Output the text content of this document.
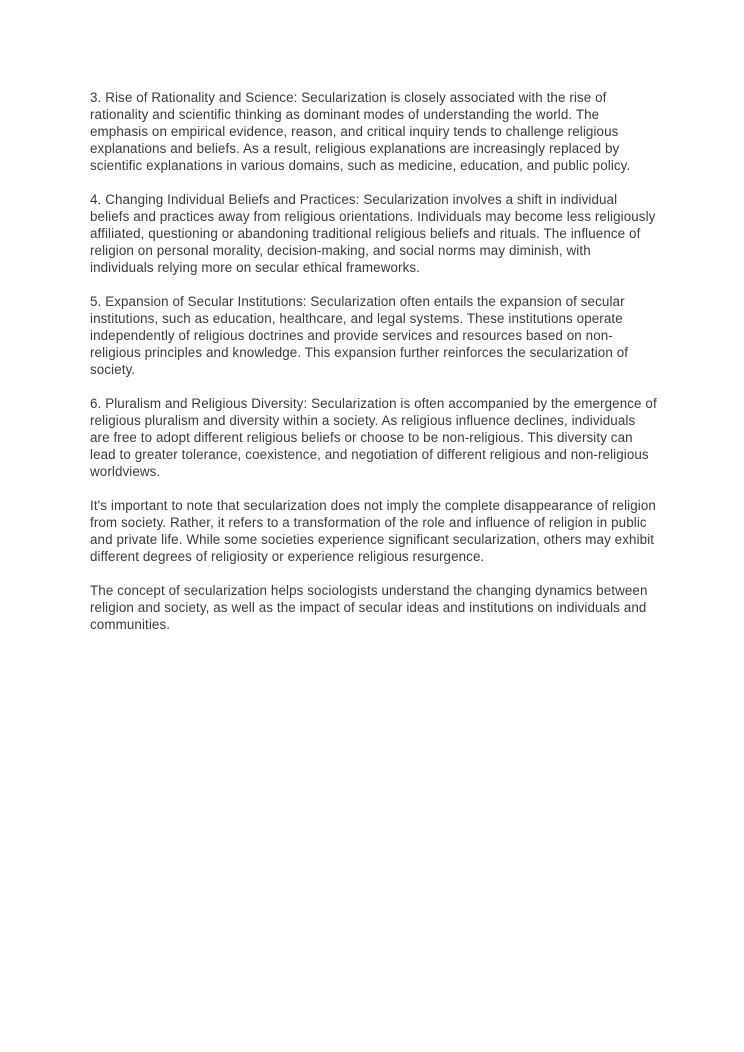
3. Rise of Rationality and Science: Secularization is closely associated with the rise of rationality and scientific thinking as dominant modes of understanding the world. The emphasis on empirical evidence, reason, and critical inquiry tends to challenge religious explanations and beliefs. As a result, religious explanations are increasingly replaced by scientific explanations in various domains, such as medicine, education, and public policy.

4. Changing Individual Beliefs and Practices: Secularization involves a shift in individual beliefs and practices away from religious orientations. Individuals may become less religiously affiliated, questioning or abandoning traditional religious beliefs and rituals. The influence of religion on personal morality, decision-making, and social norms may diminish, with individuals relying more on secular ethical frameworks.

5. Expansion of Secular Institutions: Secularization often entails the expansion of secular institutions, such as education, healthcare, and legal systems. These institutions operate independently of religious doctrines and provide services and resources based on non-religious principles and knowledge. This expansion further reinforces the secularization of society.

6. Pluralism and Religious Diversity: Secularization is often accompanied by the emergence of religious pluralism and diversity within a society. As religious influence declines, individuals are free to adopt different religious beliefs or choose to be non-religious. This diversity can lead to greater tolerance, coexistence, and negotiation of different religious and non-religious worldviews.

It's important to note that secularization does not imply the complete disappearance of religion from society. Rather, it refers to a transformation of the role and influence of religion in public and private life. While some societies experience significant secularization, others may exhibit different degrees of religiosity or experience religious resurgence.

The concept of secularization helps sociologists understand the changing dynamics between religion and society, as well as the impact of secular ideas and institutions on individuals and communities.
